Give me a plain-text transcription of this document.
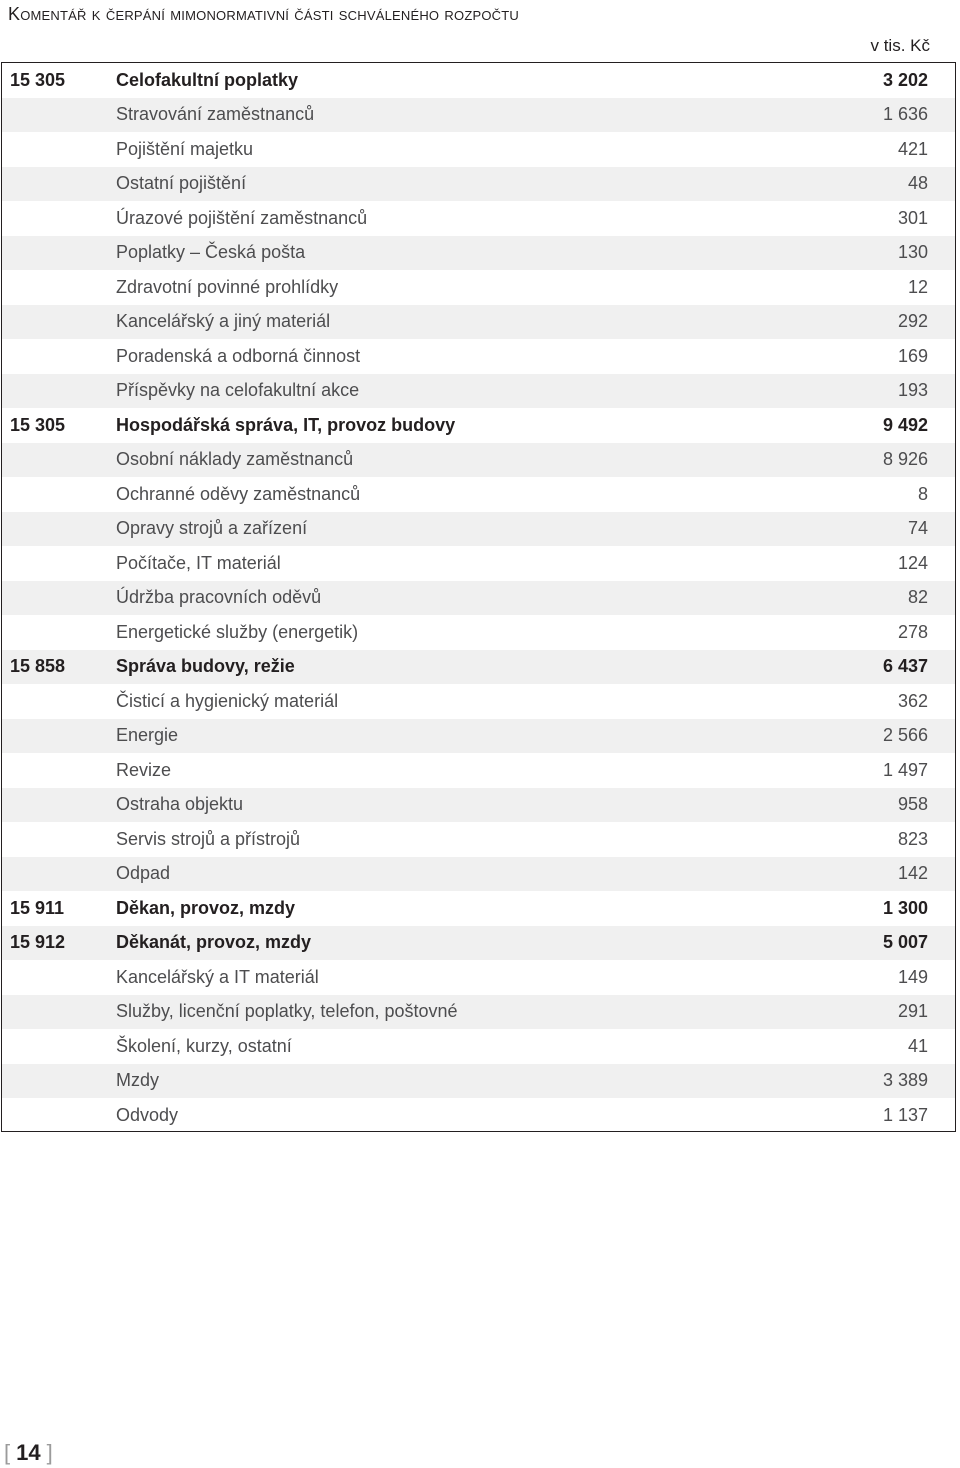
Komentář k čerpání mimonormativní části schváleného rozpočtu
v tis. Kč
15 305	Celofakultní poplatky	3 202
Stravování zaměstnanců	1 636
Pojištění majetku	421
Ostatní pojištění	48
Úrazové pojištění zaměstnanců	301
Poplatky – Česká pošta	130
Zdravotní povinné prohlídky	12
Kancelářský a jiný materiál	292
Poradenská a odborná činnost	169
Příspěvky na celofakultní akce	193
15 305	Hospodářská správa, IT, provoz budovy	9 492
Osobní náklady zaměstnanců	8 926
Ochranné oděvy zaměstnanců	8
Opravy strojů a zařízení	74
Počítače, IT materiál	124
Údržba pracovních oděvů	82
Energetické služby (energetik)	278
15 858	Správa budovy, režie	6 437
Čisticí a hygienický materiál	362
Energie	2 566
Revize	1 497
Ostraha objektu	958
Servis strojů a přístrojů	823
Odpad	142
15 911	Děkan, provoz, mzdy	1 300
15 912	Děkanát, provoz, mzdy	5 007
Kancelářský a IT materiál	149
Služby, licenční poplatky, telefon, poštovné	291
Školení, kurzy, ostatní	41
Mzdy	3 389
Odvody	1 137
[ 14 ]
